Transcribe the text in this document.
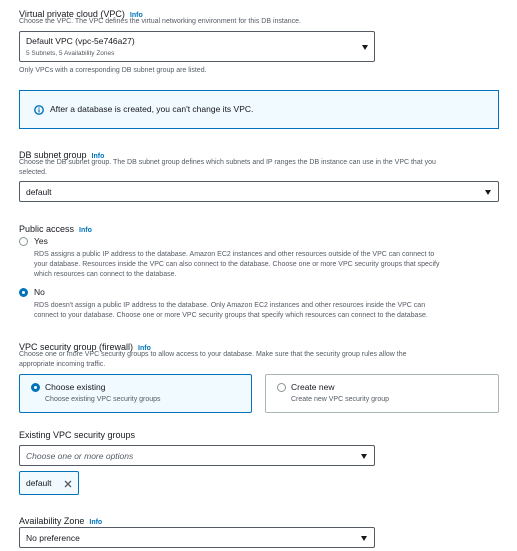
Virtual private cloud (VPC) Info
Choose the VPC. The VPC defines the virtual networking environment for this DB instance.
Default VPC (vpc-5e746a27)
5 Subnets, 5 Availability Zones
Only VPCs with a corresponding DB subnet group are listed.
After a database is created, you can't change its VPC.
DB subnet group Info
Choose the DB subnet group. The DB subnet group defines which subnets and IP ranges the DB instance can use in the VPC that you
selected.
default
Public access Info
Yes
RDS assigns a public IP address to the database. Amazon EC2 instances and other resources outside of the VPC can connect to
your database. Resources inside the VPC can also connect to the database. Choose one or more VPC security groups that specify
which resources can connect to the database.
No
RDS doesn't assign a public IP address to the database. Only Amazon EC2 instances and other resources inside the VPC can
connect to your database. Choose one or more VPC security groups that specify which resources can connect to the database.
VPC security group (firewall) Info
Choose one or more VPC security groups to allow access to your database. Make sure that the security group rules allow the
appropriate incoming traffic.
Choose existing
Choose existing VPC security groups
Create new
Create new VPC security group
Existing VPC security groups
Choose one or more options
default
Availability Zone Info
No preference
